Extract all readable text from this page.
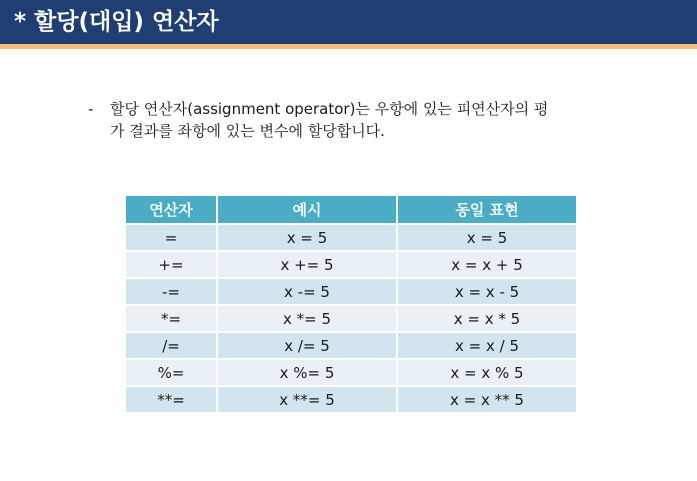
* 할당(대입) 연산자
- 할당 연산자(assignment operator)는 우항에 있는 피연산자의 평
가 결과를 좌항에 있는 변수에 할당합니다.
연산자	예시	동일 표현
=	x = 5	x = 5
+=	x += 5	x = x + 5
-=	x -= 5	x = x - 5
*=	x *= 5	x = x * 5
/=	x /= 5	x = x / 5
%=	x %= 5	x = x % 5
**=	x **= 5	x = x ** 5
